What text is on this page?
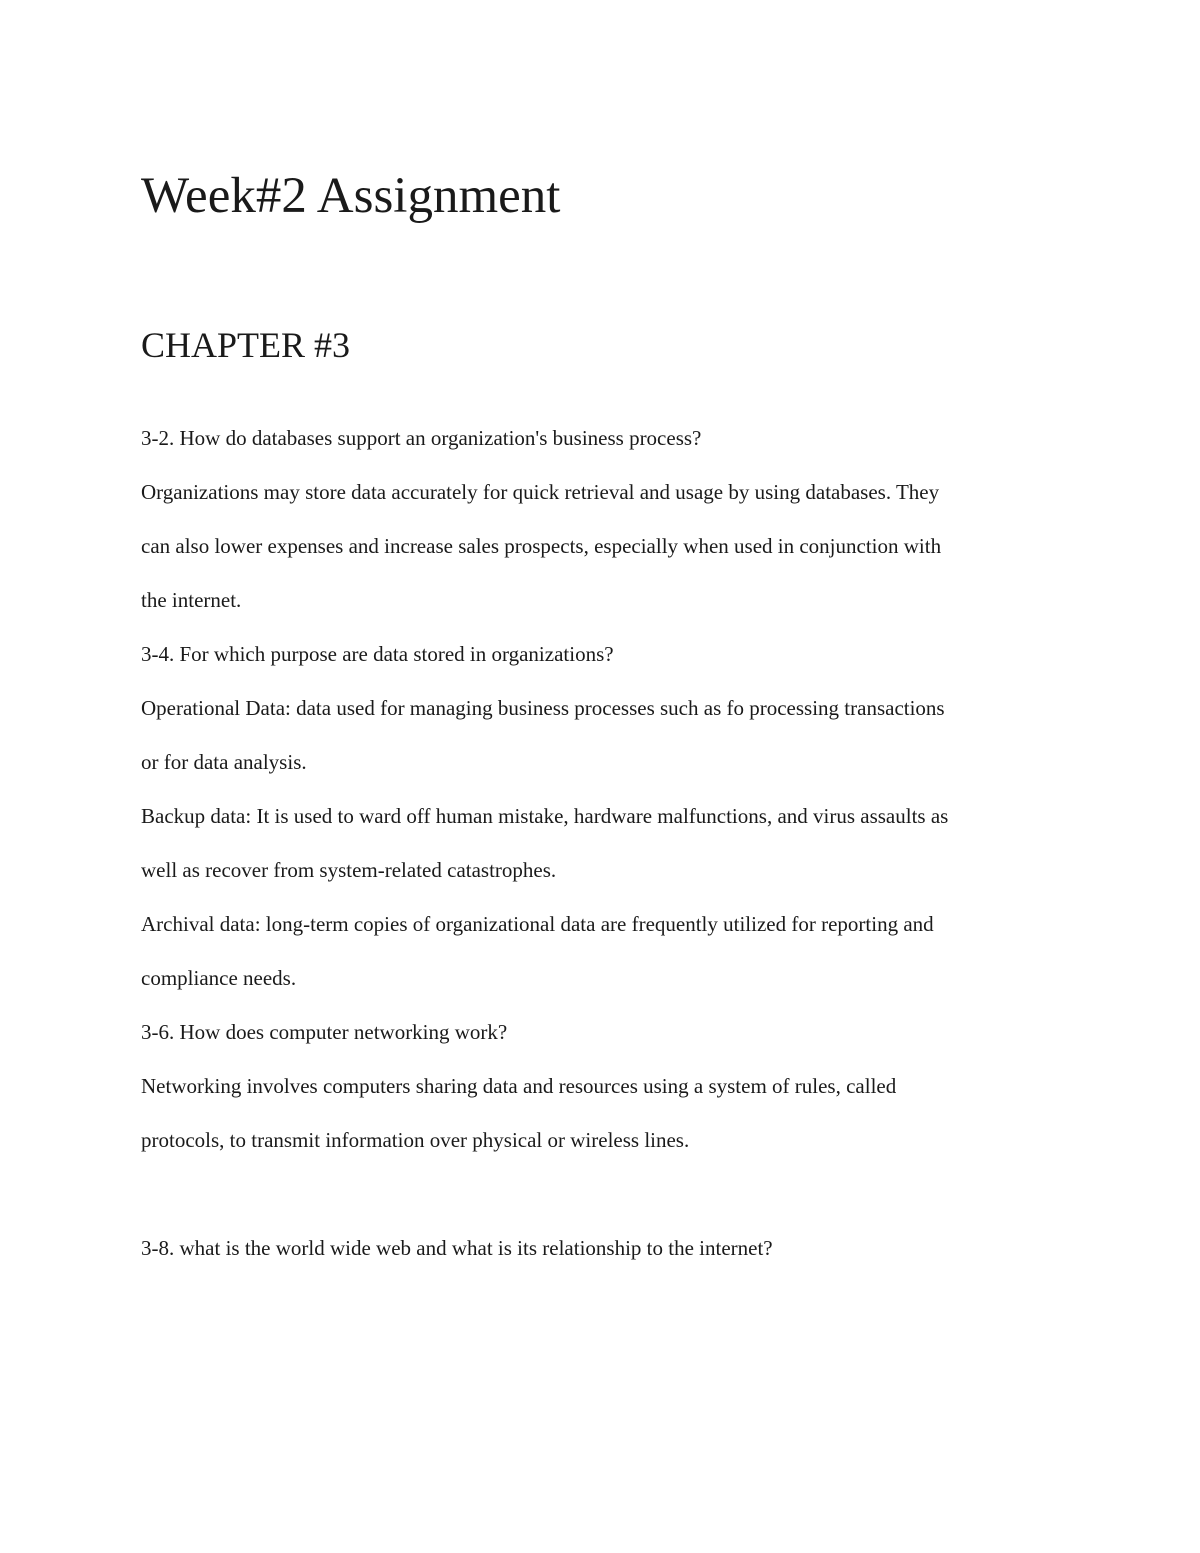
Week#2 Assignment
CHAPTER #3

3-2. How do databases support an organization's business process?

Organizations may store data accurately for quick retrieval and usage by using databases. They

can also lower expenses and increase sales prospects, especially when used in conjunction with

the internet.

3-4. For which purpose are data stored in organizations?

Operational Data: data used for managing business processes such as fo processing transactions

or for data analysis.

Backup data: It is used to ward off human mistake, hardware malfunctions, and virus assaults as

well as recover from system-related catastrophes.

Archival data: long-term copies of organizational data are frequently utilized for reporting and

compliance needs.

3-6. How does computer networking work?

Networking involves computers sharing data and resources using a system of rules, called

protocols, to transmit information over physical or wireless lines.

3-8. what is the world wide web and what is its relationship to the internet?
